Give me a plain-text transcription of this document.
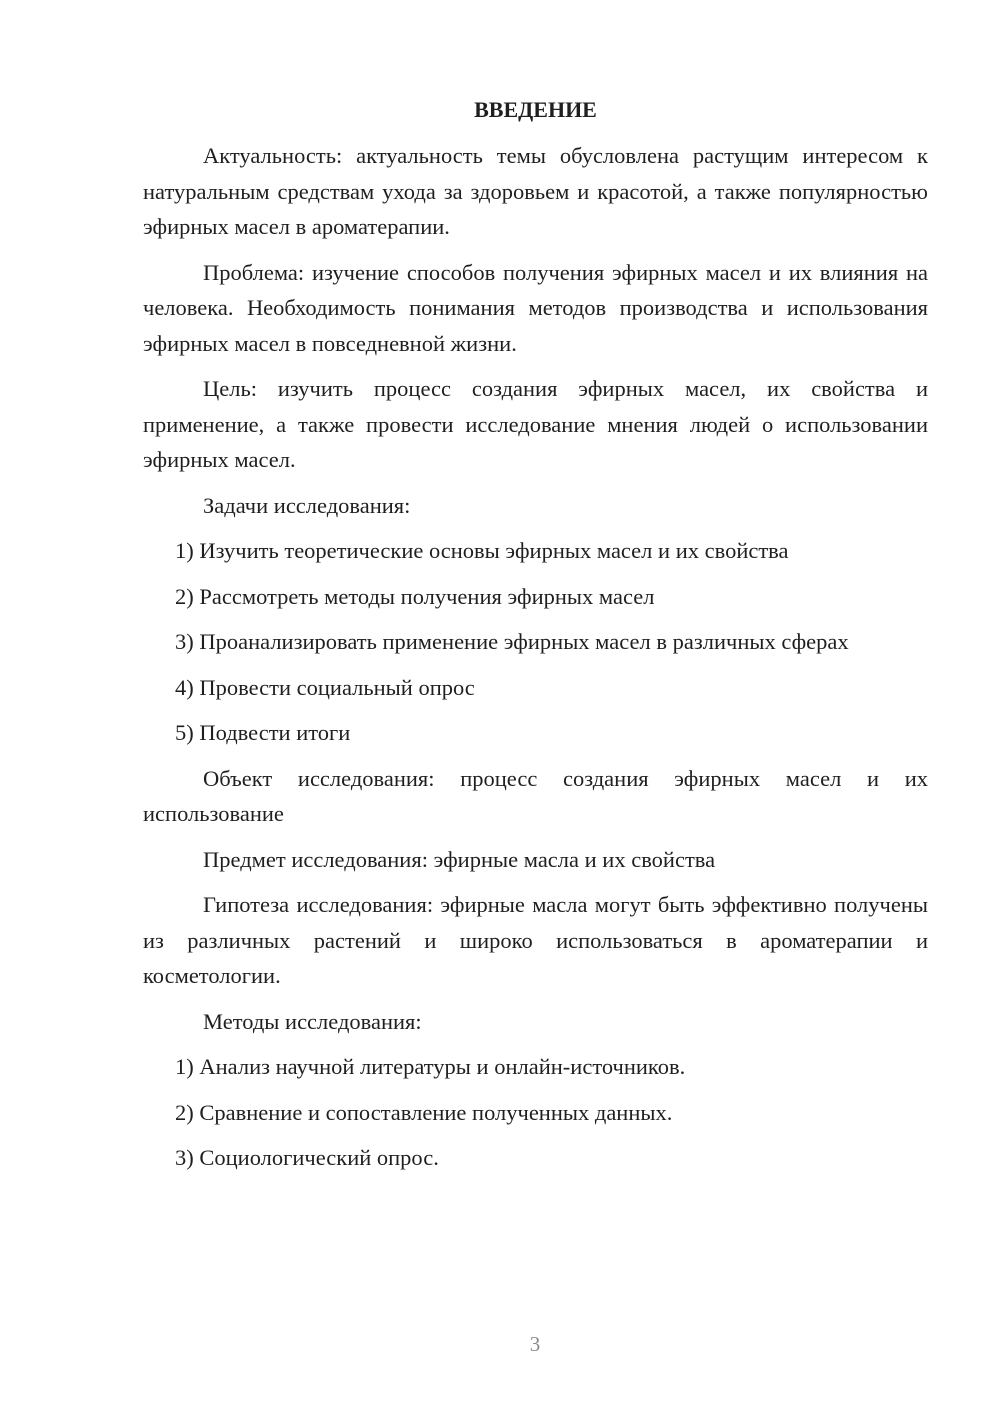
ВВЕДЕНИЕ

Актуальность: актуальность темы обусловлена растущим интересом к натуральным средствам ухода за здоровьем и красотой, а также популярностью эфирных масел в ароматерапии.

Проблема: изучение способов получения эфирных масел и их влияния на человека. Необходимость понимания методов производства и использования эфирных масел в повседневной жизни.

Цель: изучить процесс создания эфирных масел, их свойства и применение, а также провести исследование мнения людей о использовании эфирных масел.

Задачи исследования:

1) Изучить теоретические основы эфирных масел и их свойства
2) Рассмотреть методы получения эфирных масел
3) Проанализировать применение эфирных масел в различных сферах
4) Провести социальный опрос
5) Подвести итоги

Объект исследования: процесс создания эфирных масел и их использование

Предмет исследования: эфирные масла и их свойства

Гипотеза исследования: эфирные масла могут быть эффективно получены из различных растений и широко использоваться в ароматерапии и косметологии.

Методы исследования:

1) Анализ научной литературы и онлайн-источников.
2) Сравнение и сопоставление полученных данных.
3) Социологический опрос.
3
